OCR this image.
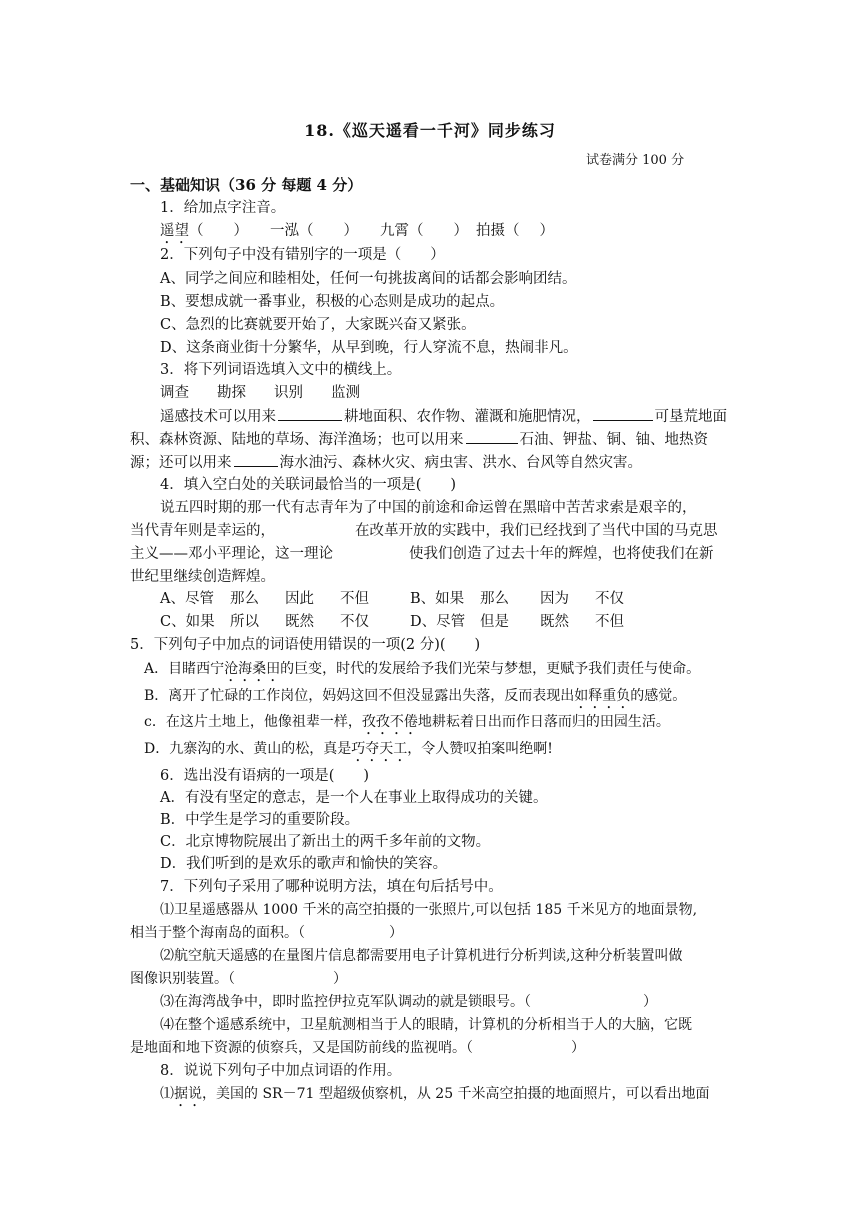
18.《巡天遥看一千河》同步练习
试卷满分 100 分
一、基础知识（36 分 每题 4 分）
1．给加点字注音。
遥望（ ） 一泓（ ） 九霄（ ） 拍摄（ ）
2．下列句子中没有错别字的一项是（　　）
A、同学之间应和睦相处，任何一句挑拔离间的话都会影响团结。
B、要想成就一番事业，积极的心态则是成功的起点。
C、急烈的比赛就要开始了，大家既兴奋又紧张。
D、这条商业街十分繁华，从早到晚，行人穿流不息，热闹非凡。
3．将下列词语选填入文中的横线上。
调查 勘探 识别 监测
遥感技术可以用来	耕地面积、农作物、灌溉和施肥情况，	可垦荒地面
积、森林资源、陆地的草场、海洋渔场；也可以用来	石油、钾盐、铜、铀、地热资
源；还可以用来	海水油污、森林火灾、病虫害、洪水、台风等自然灾害。
4．填入空白处的关联词最恰当的一项是(　　)
说五四时期的那一代有志青年为了中国的前途和命运曾在黑暗中苦苦求索是艰辛的，
当代青年则是幸运的，	在改革开放的实践中，我们已经找到了当代中国的马克思
主义——邓小平理论，这一理论	使我们创造了过去十年的辉煌，也将使我们在新
世纪里继续创造辉煌。
A、尽管 那么 因此 不但	B、如果 那么 因为 不仅
C、如果 所以 既然 不仅	D、尽管 但是 既然 不但
5．下列句子中加点的词语使用错误的一项(2 分)(　　)
A．目睹西宁沧海桑田的巨变，时代的发展给予我们光荣与梦想，更赋予我们责任与使命。
B．离开了忙碌的工作岗位，妈妈这回不但没显露出失落，反而表现出如释重负的感觉。
c．在这片土地上，他像祖辈一样，孜孜不倦地耕耘着日出而作日落而归的田园生活。
D．九寨沟的水、黄山的松，真是巧夺天工，令人赞叹拍案叫绝啊!
6．选出没有语病的一项是(　　)
A．有没有坚定的意志，是一个人在事业上取得成功的关键。
B．中学生是学习的重要阶段。
C．北京博物院展出了新出土的两千多年前的文物。
D．我们听到的是欢乐的歌声和愉快的笑容。
7．下列句子采用了哪种说明方法，填在句后括号中。
⑴卫星遥感器从 1000 千米的高空拍摄的一张照片,可以包括 185 千米见方的地面景物,
相当于整个海南岛的面积。（　　　　　　）
⑵航空航天遥感的在量图片信息都需要用电子计算机进行分析判读,这种分析装置叫做
图像识别装置。（　　　　　　　）
⑶在海湾战争中，即时监控伊拉克军队调动的就是锁眼号。（　　　　　　　　）
⑷在整个遥感系统中，卫星航测相当于人的眼睛，计算机的分析相当于人的大脑，它既
是地面和地下资源的侦察兵，又是国防前线的监视哨。（　　　　　　　）
8．说说下列句子中加点词语的作用。
⑴据说，美国的 SR－71 型超级侦察机，从 25 千米高空拍摄的地面照片，可以看出地面
